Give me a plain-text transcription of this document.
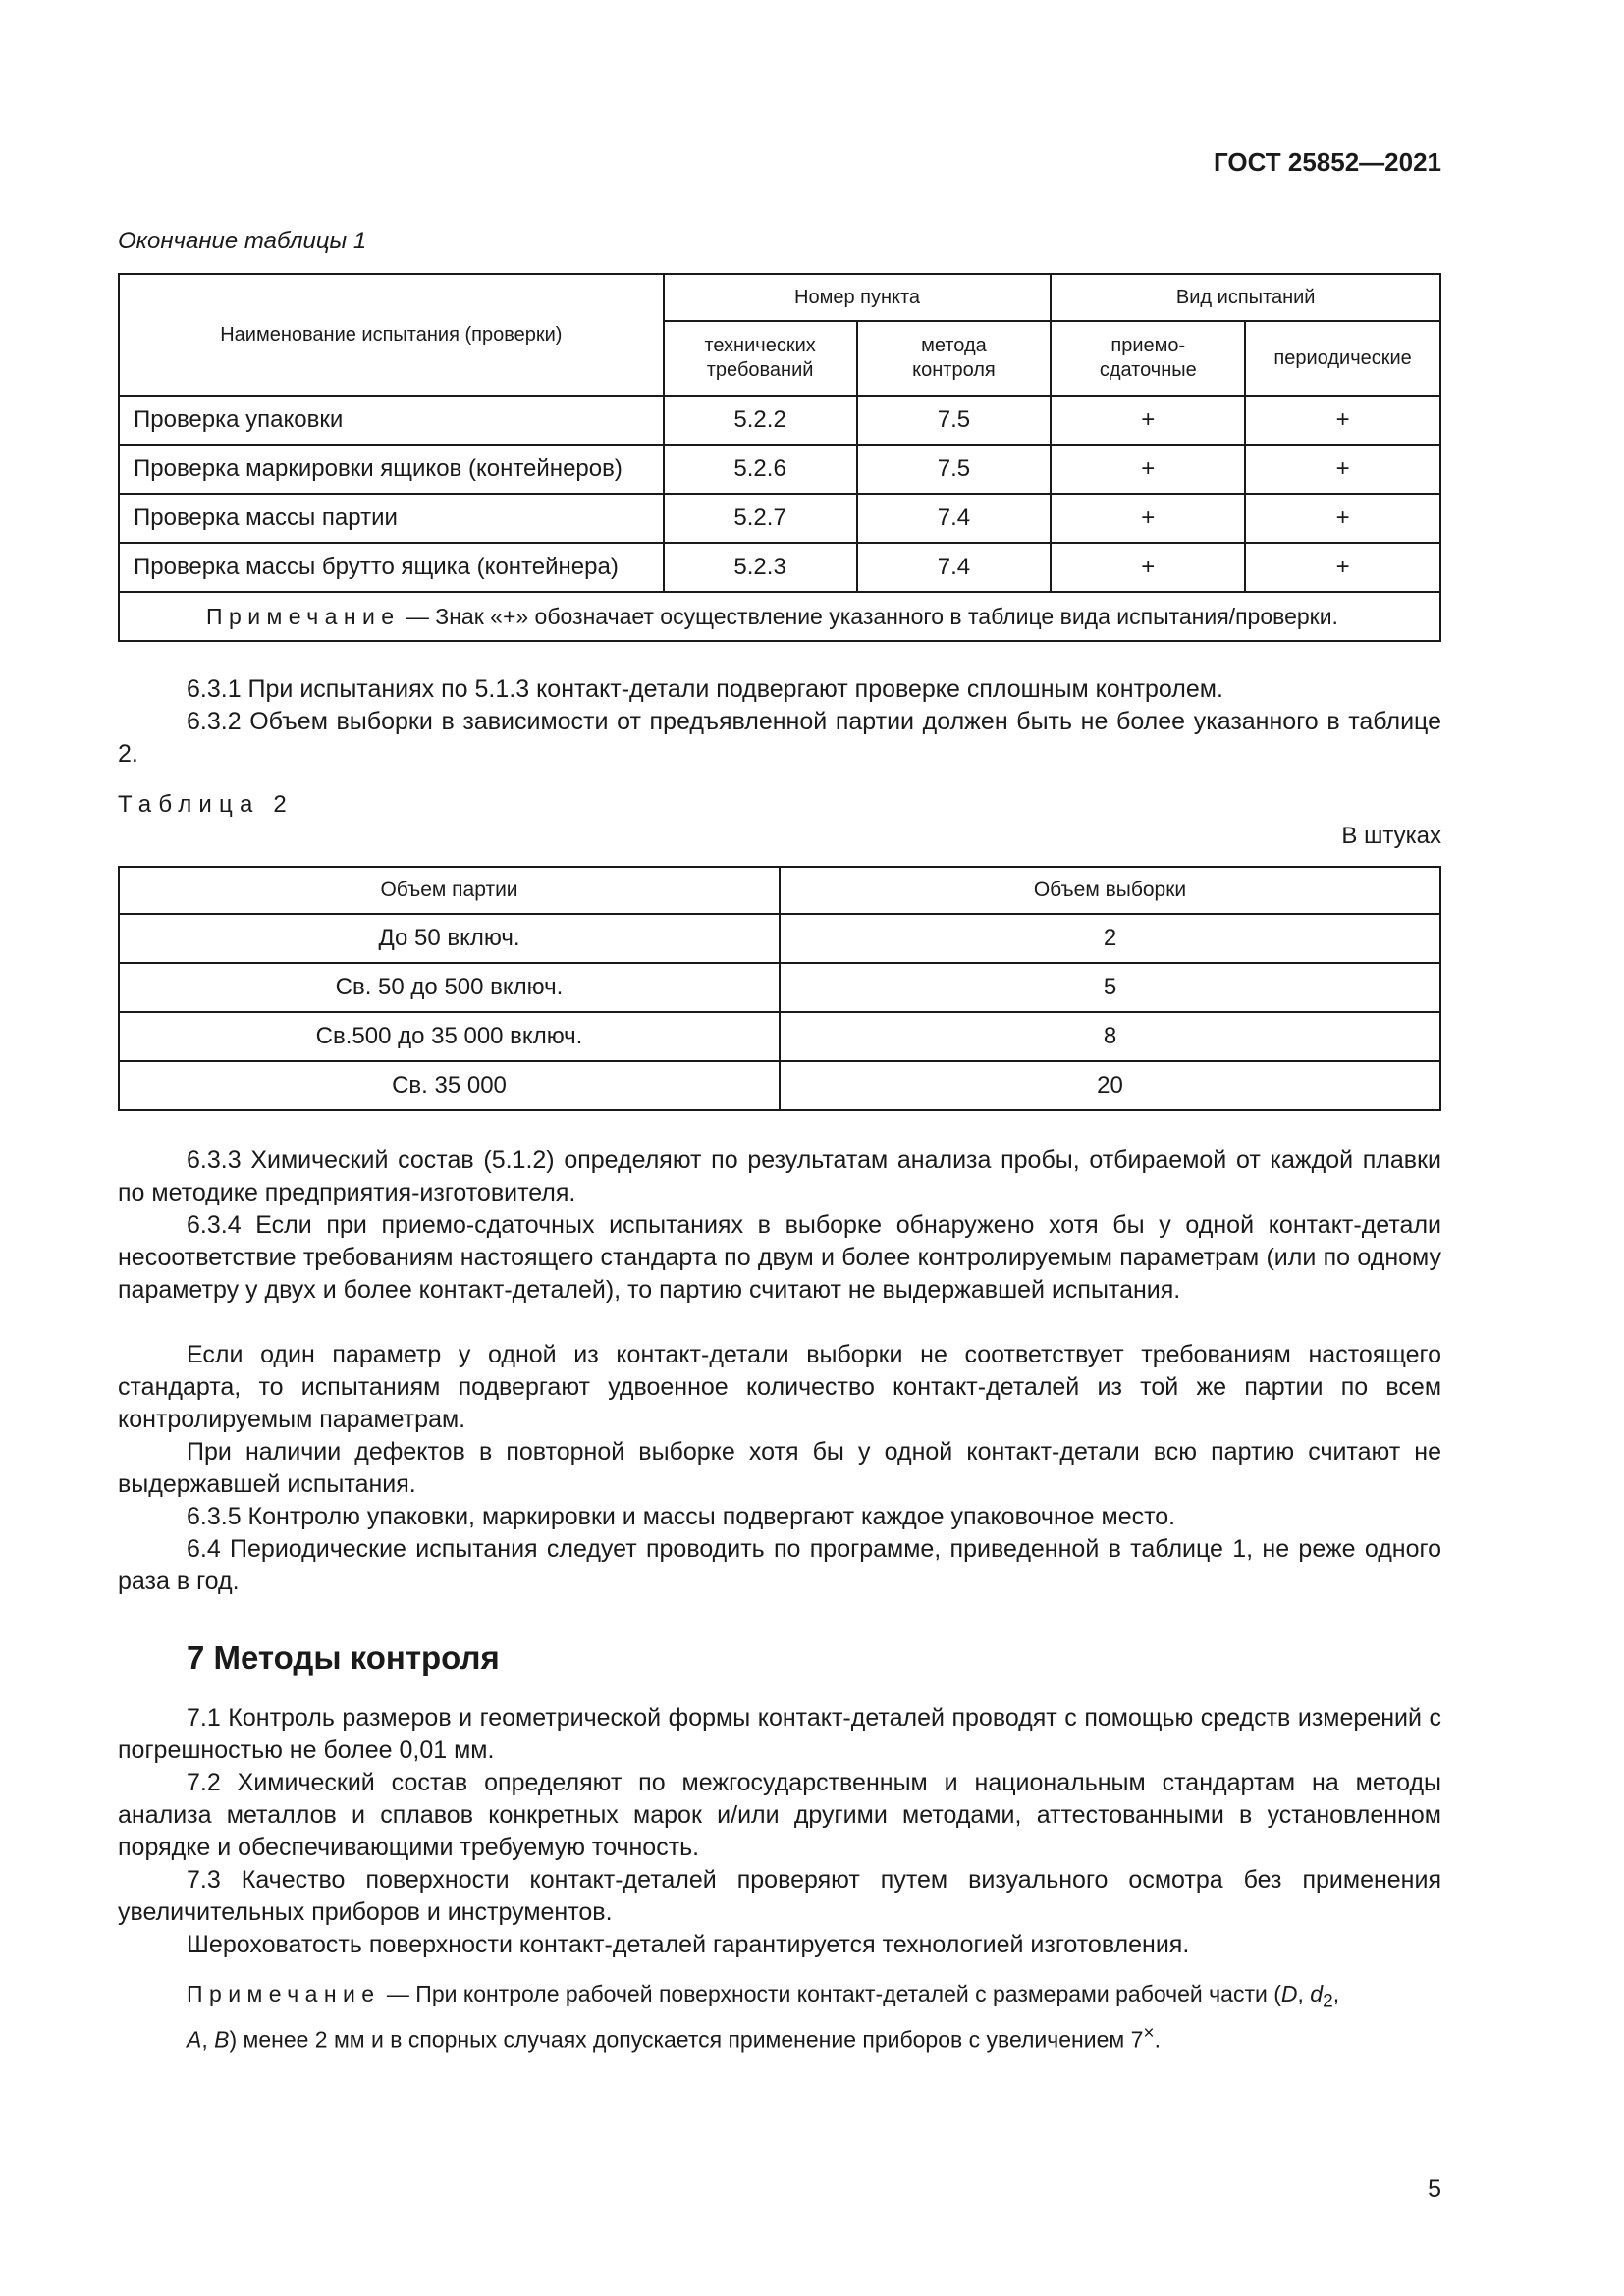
ГОСТ 25852—2021
Окончание таблицы 1
Наименование испытания (проверки)	Номер пункта		Вид испытаний	
	технических требований	метода контроля	приемо-сдаточные	периодические
Проверка упаковки	5.2.2	7.5	+	+
Проверка маркировки ящиков (контейнеров)	5.2.6	7.5	+	+
Проверка массы партии	5.2.7	7.4	+	+
Проверка массы брутто ящика (контейнера)	5.2.3	7.4	+	+
Примечание — Знак «+» обозначает осуществление указанного в таблице вида испытания/проверки.				

6.3.1 При испытаниях по 5.1.3 контакт-детали подвергают проверке сплошным контролем.

6.3.2 Объем выборки в зависимости от предъявленной партии должен быть не более указанного в таблице 2.

Таблица 2
В штуках
Объем партии	Объем выборки
До 50 включ.	2
Св. 50 до 500 включ.	5
Св.500 до 35 000 включ.	8
Св. 35 000	20

6.3.3 Химический состав (5.1.2) определяют по результатам анализа пробы, отбираемой от каждой плавки по методике предприятия-изготовителя.

6.3.4 Если при приемо-сдаточных испытаниях в выборке обнаружено хотя бы у одной контакт-детали несоответствие требованиям настоящего стандарта по двум и более контролируемым параметрам (или по одному параметру у двух и более контакт-деталей), то партию считают не выдержавшей испытания.

Если один параметр у одной из контакт-детали выборки не соответствует требованиям настоящего стандарта, то испытаниям подвергают удвоенное количество контакт-деталей из той же партии по всем контролируемым параметрам.

При наличии дефектов в повторной выборке хотя бы у одной контакт-детали всю партию считают не выдержавшей испытания.

6.3.5 Контролю упаковки, маркировки и массы подвергают каждое упаковочное место.

6.4 Периодические испытания следует проводить по программе, приведенной в таблице 1, не реже одного раза в год.

7 Методы контроля

7.1 Контроль размеров и геометрической формы контакт-деталей проводят с помощью средств измерений с погрешностью не более 0,01 мм.

7.2 Химический состав определяют по межгосударственным и национальным стандартам на методы анализа металлов и сплавов конкретных марок и/или другими методами, аттестованными в установленном порядке и обеспечивающими требуемую точность.

7.3 Качество поверхности контакт-деталей проверяют путем визуального осмотра без применения увеличительных приборов и инструментов.

Шероховатость поверхности контакт-деталей гарантируется технологией изготовления.

Примечание — При контроле рабочей поверхности контакт-деталей с размерами рабочей части (D, $d_2$,
A, B) менее 2 мм и в спорных случаях допускается применение приборов с увеличением 7×.

5
